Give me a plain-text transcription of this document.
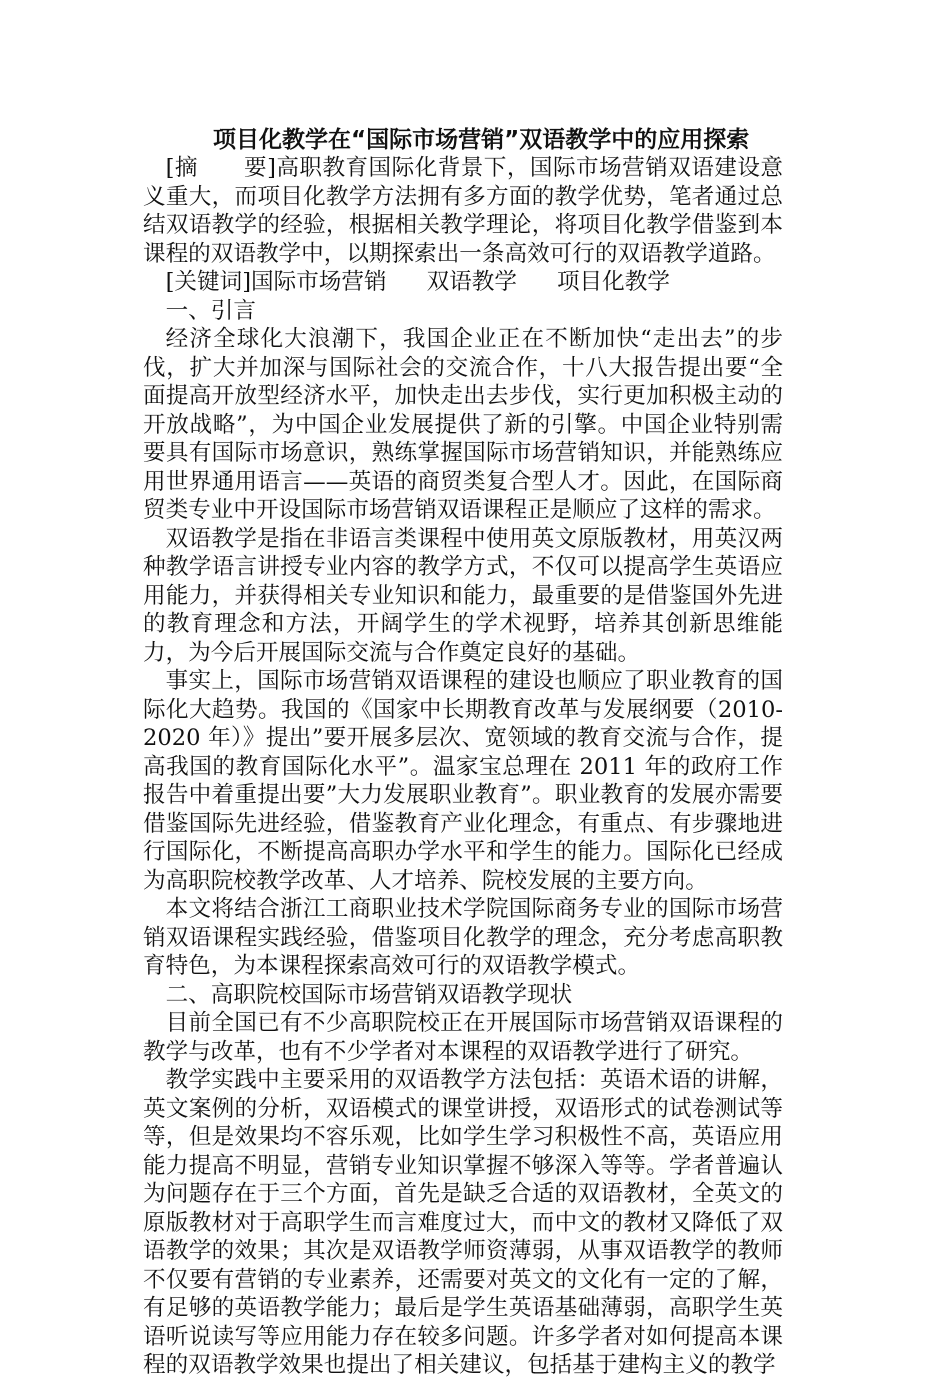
项目化教学在“国际市场营销”双语教学中的应用探索

[摘　　要]高职教育国际化背景下，国际市场营销双语建设意义重大，而项目化教学方法拥有多方面的教学优势，笔者通过总结双语教学的经验，根据相关教学理论，将项目化教学借鉴到本课程的双语教学中，以期探索出一条高效可行的双语教学道路。

[关键词]国际市场营销 双语教学 项目化教学

一、引言

经济全球化大浪潮下，我国企业正在不断加快“走出去”的步伐，扩大并加深与国际社会的交流合作，十八大报告提出要“全面提高开放型经济水平，加快走出去步伐，实行更加积极主动的开放战略”，为中国企业发展提供了新的引擎。中国企业特别需要具有国际市场意识，熟练掌握国际市场营销知识，并能熟练应用世界通用语言——英语的商贸类复合型人才。因此，在国际商贸类专业中开设国际市场营销双语课程正是顺应了这样的需求。

双语教学是指在非语言类课程中使用英文原版教材，用英汉两种教学语言讲授专业内容的教学方式，不仅可以提高学生英语应用能力，并获得相关专业知识和能力，最重要的是借鉴国外先进的教育理念和方法，开阔学生的学术视野，培养其创新思维能力，为今后开展国际交流与合作奠定良好的基础。

事实上，国际市场营销双语课程的建设也顺应了职业教育的国际化大趋势。我国的《国家中长期教育改革与发展纲要（2010-2020 年）》提出”要开展多层次、宽领域的教育交流与合作，提高我国的教育国际化水平”。温家宝总理在 2011 年的政府工作报告中着重提出要”大力发展职业教育”。职业教育的发展亦需要借鉴国际先进经验，借鉴教育产业化理念，有重点、有步骤地进行国际化，不断提高高职办学水平和学生的能力。国际化已经成为高职院校教学改革、人才培养、院校发展的主要方向。

本文将结合浙江工商职业技术学院国际商务专业的国际市场营销双语课程实践经验，借鉴项目化教学的理念，充分考虑高职教育特色，为本课程探索高效可行的双语教学模式。

二、高职院校国际市场营销双语教学现状

目前全国已有不少高职院校正在开展国际市场营销双语课程的教学与改革，也有不少学者对本课程的双语教学进行了研究。

教学实践中主要采用的双语教学方法包括：英语术语的讲解，英文案例的分析，双语模式的课堂讲授，双语形式的试卷测试等等，但是效果均不容乐观，比如学生学习积极性不高，英语应用能力提高不明显，营销专业知识掌握不够深入等等。学者普遍认为问题存在于三个方面，首先是缺乏合适的双语教材，全英文的原版教材对于高职学生而言难度过大，而中文的教材又降低了双语教学的效果；其次是双语教学师资薄弱，从事双语教学的教师不仅要有营销的专业素养，还需要对英文的文化有一定的了解，有足够的英语教学能力；最后是学生英语基础薄弱，高职学生英语听说读写等应用能力存在较多问题。许多学者对如何提高本课程的双语教学效果也提出了相关建议，包括基于建构主义的教学
